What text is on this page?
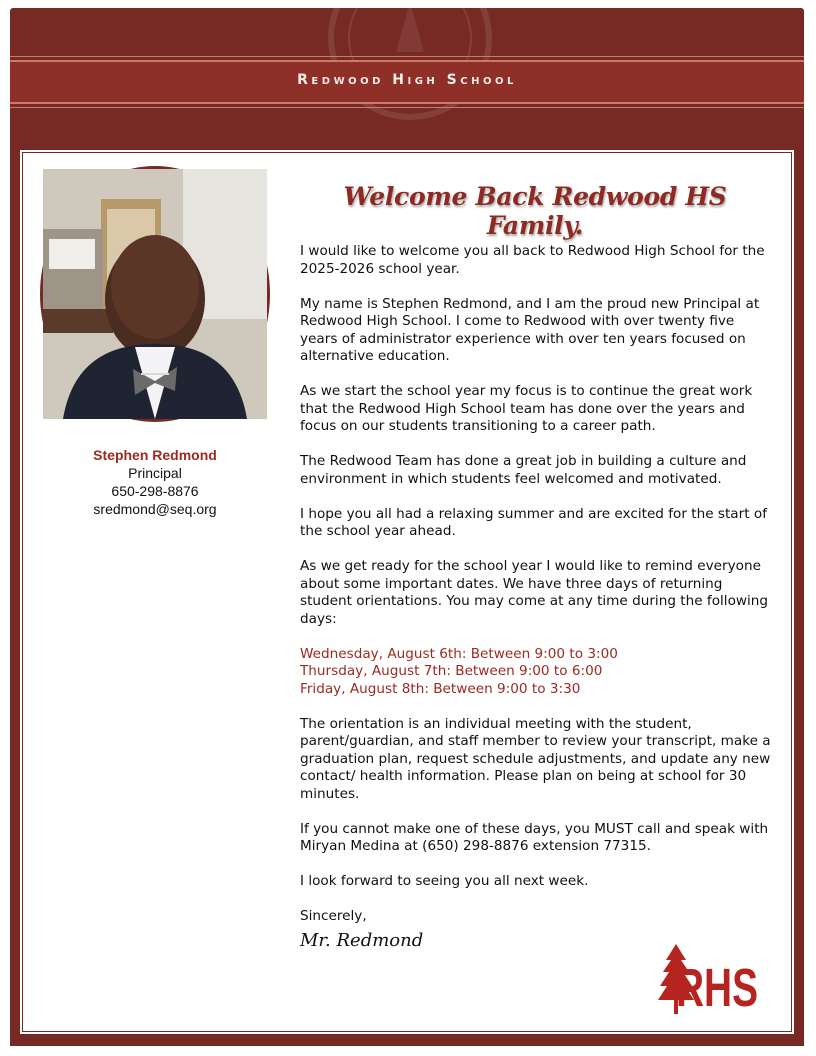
Redwood High School
Stephen Redmond
Principal
650-298-8876
sredmond@seq.org
Welcome Back Redwood HS Family.

I would like to welcome you all back to Redwood High School for the 2025-2026 school year.

My name is Stephen Redmond, and I am the proud new Principal at Redwood High School. I come to Redwood with over twenty five years of administrator experience with over ten years focused on alternative education.

As we start the school year my focus is to continue the great work that the Redwood High School team has done over the years and focus on our students transitioning to a career path.

The Redwood Team has done a great job in building a culture and environment in which students feel welcomed and motivated.

I hope you all had a relaxing summer and are excited for the start of the school year ahead.

As we get ready for the school year I would like to remind everyone about some important dates. We have three days of returning student orientations. You may come at any time during the following days:

Wednesday, August 6th: Between 9:00 to 3:00
Thursday, August 7th: Between 9:00 to 6:00
Friday, August 8th: Between 9:00 to 3:30

The orientation is an individual meeting with the student, parent/guardian, and staff member to review your transcript, make a graduation plan, request schedule adjustments, and update any new contact/ health information. Please plan on being at school for 30 minutes.

If you cannot make one of these days, you MUST call and speak with Miryan Medina at (650) 298-8876 extension 77315.

I look forward to seeing you all next week.

Sincerely,

Mr. Redmond
RHS
